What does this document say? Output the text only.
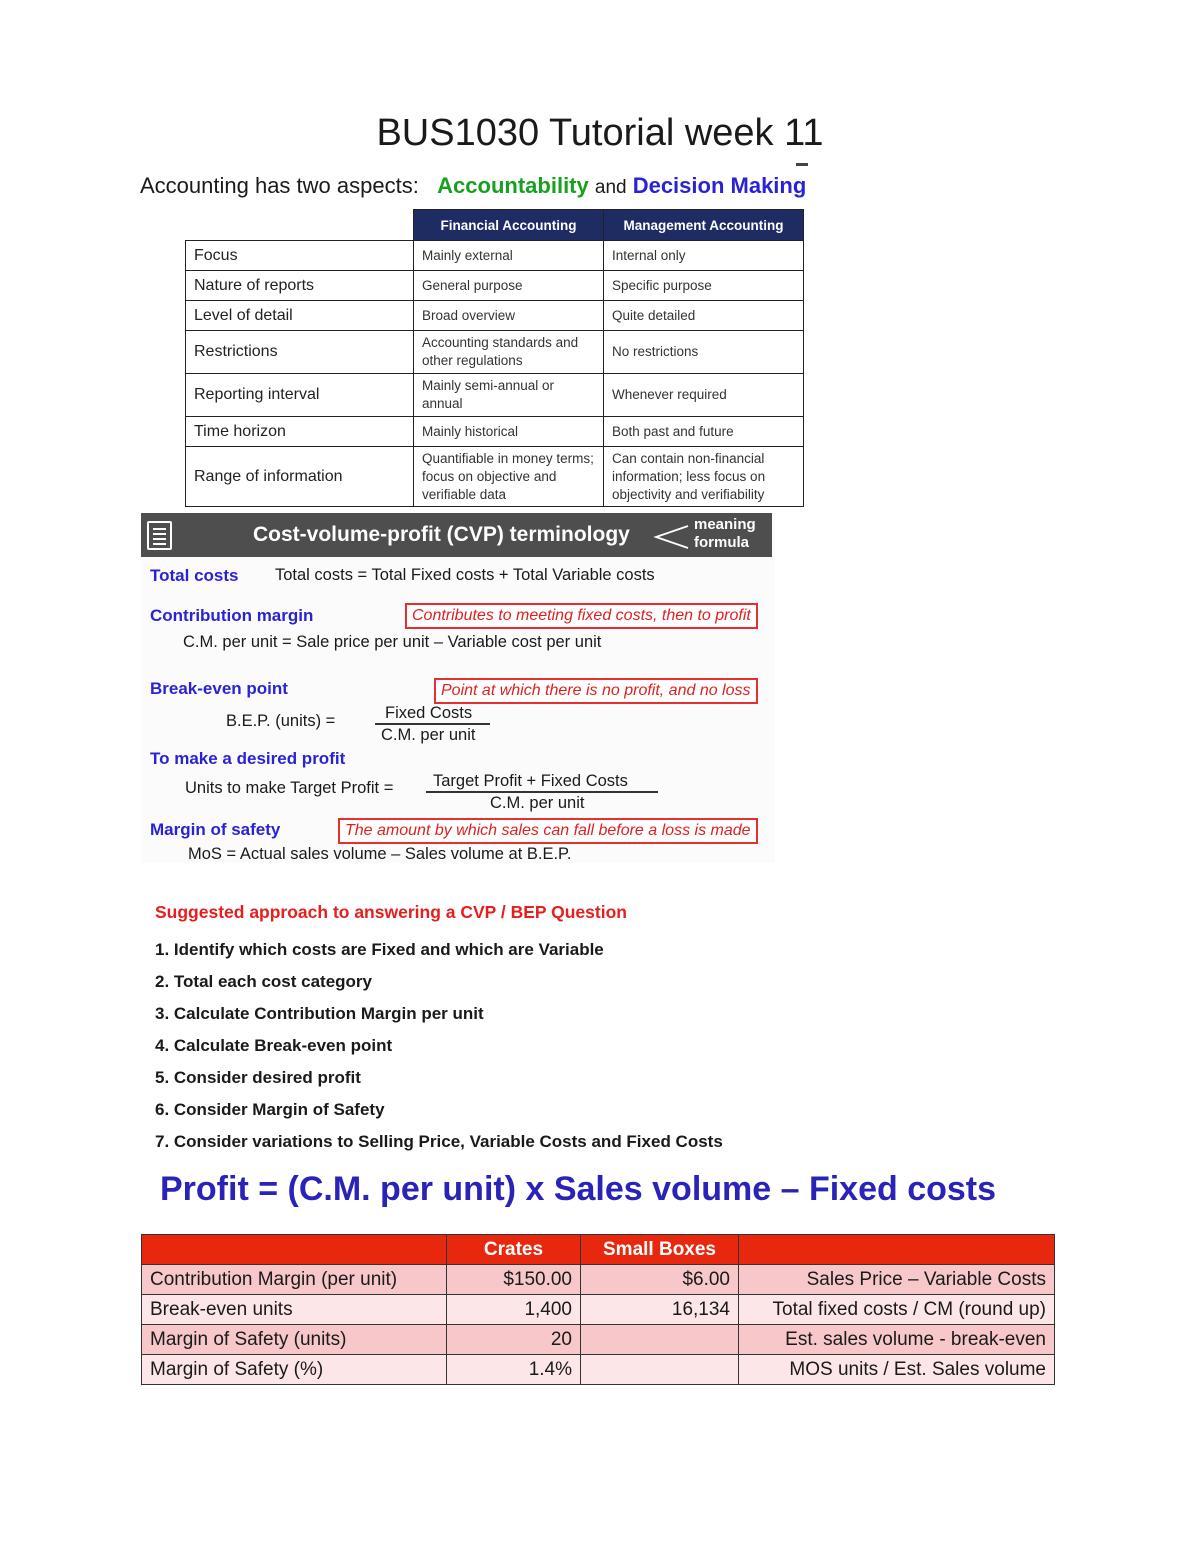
BUS1030 Tutorial week 11
Accounting has two aspects: Accountability and Decision Making
	Financial Accounting	Management Accounting
Focus	Mainly external	Internal only
Nature of reports	General purpose	Specific purpose
Level of detail	Broad overview	Quite detailed
Restrictions	Accounting standards and other regulations	No restrictions
Reporting interval	Mainly semi-annual or annual	Whenever required
Time horizon	Mainly historical	Both past and future
Range of information	Quantifiable in money terms; focus on objective and verifiable data	Can contain non-financial information; less focus on objectivity and verifiability
Cost-volume-profit (CVP) terminology	meaning
formula
Total costs Total costs = Total Fixed costs + Total Variable costs
Contribution margin	Contributes to meeting fixed costs, then to profit
C.M. per unit = Sale price per unit – Variable cost per unit
Break-even point	Point at which there is no profit, and no loss
B.E.P. (units) =	Fixed Costs
C.M. per unit
To make a desired profit
Units to make Target Profit = Target Profit + Fixed Costs
C.M. per unit
Margin of safety	The amount by which sales can fall before a loss is made
MoS = Actual sales volume – Sales volume at B.E.P.
Suggested approach to answering a CVP / BEP Question
1. Identify which costs are Fixed and which are Variable
2. Total each cost category
3. Calculate Contribution Margin per unit
4. Calculate Break-even point
5. Consider desired profit
6. Consider Margin of Safety
7. Consider variations to Selling Price, Variable Costs and Fixed Costs
Profit = (C.M. per unit) x Sales volume – Fixed costs
	Crates	Small Boxes	
Contribution Margin (per unit)	$150.00	$6.00	Sales Price – Variable Costs
Break-even units	1,400	16,134	Total fixed costs / CM (round up)
Margin of Safety (units)	20		Est. sales volume - break-even
Margin of Safety (%)	1.4%		MOS units / Est. Sales volume
